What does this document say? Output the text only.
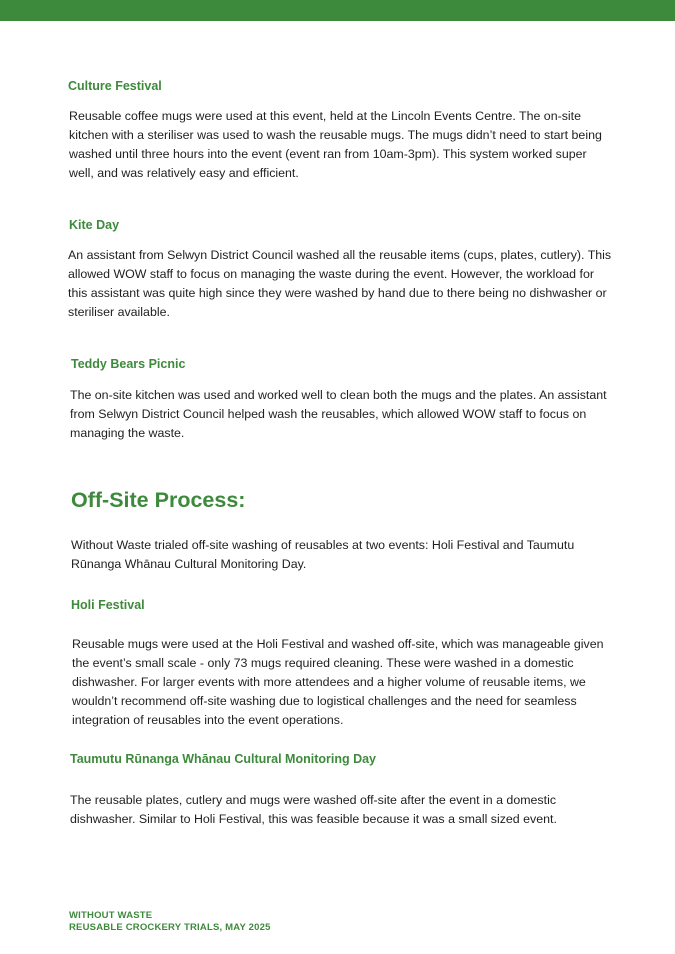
Culture Festival

Reusable coffee mugs were used at this event, held at the Lincoln Events Centre. The on-site kitchen with a steriliser was used to wash the reusable mugs. The mugs didn’t need to start being washed until three hours into the event (event ran from 10am-3pm). This system worked super well, and was relatively easy and efficient.

Kite Day

An assistant from Selwyn District Council washed all the reusable items (cups, plates, cutlery). This allowed WOW staff to focus on managing the waste during the event. However, the workload for this assistant was quite high since they were washed by hand due to there being no dishwasher or steriliser available.

Teddy Bears Picnic

The on-site kitchen was used and worked well to clean both the mugs and the plates. An assistant from Selwyn District Council helped wash the reusables, which allowed WOW staff to focus on managing the waste.

Off-Site Process:

Without Waste trialed off-site washing of reusables at two events: Holi Festival and Taumutu Rūnanga Whānau Cultural Monitoring Day.

Holi Festival

Reusable mugs were used at the Holi Festival and washed off-site, which was manageable given the event’s small scale - only 73 mugs required cleaning. These were washed in a domestic dishwasher. For larger events with more attendees and a higher volume of reusable items, we wouldn’t recommend off-site washing due to logistical challenges and the need for seamless integration of reusables into the event operations.

Taumutu Rūnanga Whānau Cultural Monitoring Day

The reusable plates, cutlery and mugs were washed off-site after the event in a domestic dishwasher. Similar to Holi Festival, this was feasible because it was a small sized event.

WITHOUT WASTE
REUSABLE CROCKERY TRIALS, MAY 2025
